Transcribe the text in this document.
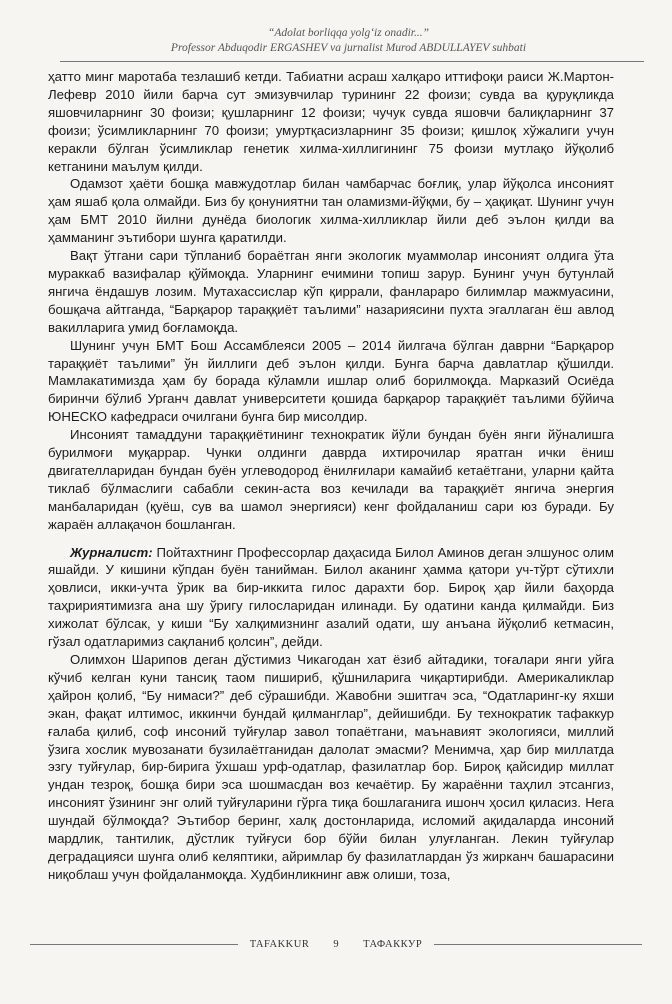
“Adolat borliqqa yolg‘iz onadir...”
Professor Abduqodir ERGASHEV va jurnalist Murod ABDULLAYEV suhbati

ҳатто минг маротаба тезлашиб кетди. Табиатни асраш халқаро иттифоқи раиси Ж.Мартон-Лефевр 2010 йили барча сут эмизувчилар турининг 22 фоизи; сувда ва қуруқликда яшовчиларнинг 30 фоизи; қушларнинг 12 фоизи; чучук сувда яшовчи балиқларнинг 37 фоизи; ўсимликларнинг 70 фоизи; умуртқасизларнинг 35 фоизи; қишлоқ хўжалиги учун керакли бўлган ўсимликлар генетик хилма-хиллигининг 75 фоизи мутлақо йўқолиб кетганини маълум қилди.

Одамзот ҳаёти бошқа мавжудотлар билан чамбарчас боғлиқ, улар йўқолса инсоният ҳам яшаб қола олмайди. Биз бу қонуниятни тан оламизми-йўқми, бу – ҳақиқат. Шунинг учун ҳам БМТ 2010 йилни дунёда биологик хилма-хилликлар йили деб эълон қилди ва ҳамманинг эътибори шунга қаратилди.

Вақт ўтгани сари тўпланиб бораётган янги экологик муаммолар инсоният олдига ўта мураккаб вазифалар қўймоқда. Уларнинг ечимини топиш зарур. Бунинг учун бутунлай янгича ёндашув лозим. Мутахассислар кўп қиррали, фанлараро билимлар мажмуасини, бошқача айтганда, “Барқарор тараққиёт таълими” назариясини пухта эгаллаган ёш авлод вакилларига умид боғламоқда.

Шунинг учун БМТ Бош Ассамблеяси 2005 – 2014 йилгача бўлган даврни “Барқарор тараққиёт таълими” ўн йиллиги деб эълон қилди. Бунга барча давлатлар қўшилди. Мамлакатимизда ҳам бу борада кўламли ишлар олиб борилмоқда. Марказий Осиёда биринчи бўлиб Урганч давлат университети қошида барқарор тараққиёт таълими бўйича ЮНЕСКО кафедраси очилгани бунга бир мисолдир.

Инсоният тамаддуни тараққиётининг технократик йўли бундан буён янги йўналишга бурилмоғи муқаррар. Чунки олдинги даврда ихтирочилар яратган ички ёниш двигателларидан бундан буён углеводород ёнилғилари камайиб кетаётгани, уларни қайта тиклаб бўлмаслиги сабабли секин-аста воз кечилади ва тараққиёт янгича энергия манбаларидан (қуёш, сув ва шамол энергияси) кенг фойдаланиш сари юз буради. Бу жараён аллақачон бошланган.

Журналист: Пойтахтнинг Профессорлар даҳасида Билол Аминов деган элшунос олим яшайди. У кишини кўпдан буён танийман. Билол аканинг ҳамма қатори уч-тўрт сўтихли ҳовлиси, икки-учта ўрик ва бир-иккита гилос дарахти бор. Бироқ ҳар йили баҳорда таҳририятимизга ана шу ўригу гилосларидан илинади. Бу одатини канда қилмайди. Биз хижолат бўлсак, у киши “Бу халқимизнинг азалий одати, шу анъана йўқолиб кетмасин, гўзал одатларимиз сақланиб қолсин”, дейди.

Олимхон Шарипов деган дўстимиз Чикагодан хат ёзиб айтадики, тоғалари янги уйга кўчиб келган куни тансиқ таом пишириб, қўшниларига чиқартирибди. Америкаликлар ҳайрон қолиб, “Бу нимаси?” деб сўрашибди. Жавобни эшитгач эса, “Одатларинг-ку яхши экан, фақат илтимос, иккинчи бундай қилманглар”, дейишибди. Бу технократик тафаккур ғалаба қилиб, соф инсоний туйғулар завол топаётгани, маънавият экологияси, миллий ўзига хослик мувозанати бузилаётганидан далолат эмасми? Менимча, ҳар бир миллатда эзгу туйғулар, бир-бирига ўхшаш урф-одатлар, фазилатлар бор. Бироқ қайсидир миллат ундан тезроқ, бошқа бири эса шошмасдан воз кечаётир. Бу жараённи таҳлил этсангиз, инсоният ўзининг энг олий туйғуларини гўрга тиқа бошлаганига ишонч ҳосил қиласиз. Нега шундай бўлмоқда? Эътибор беринг, халқ достонларида, исломий ақидаларда инсоний мардлик, тантилик, дўстлик туйғуси бор бўйи билан улуғланган. Лекин туйғулар деградацияси шунга олиб келяптики, айримлар бу фазилатлардан ўз жирканч башарасини ниқоблаш учун фойдаланмоқда. Худбинликнинг авж олиши, тоза,

TAFAKKUR	9	ТАФАККУР
